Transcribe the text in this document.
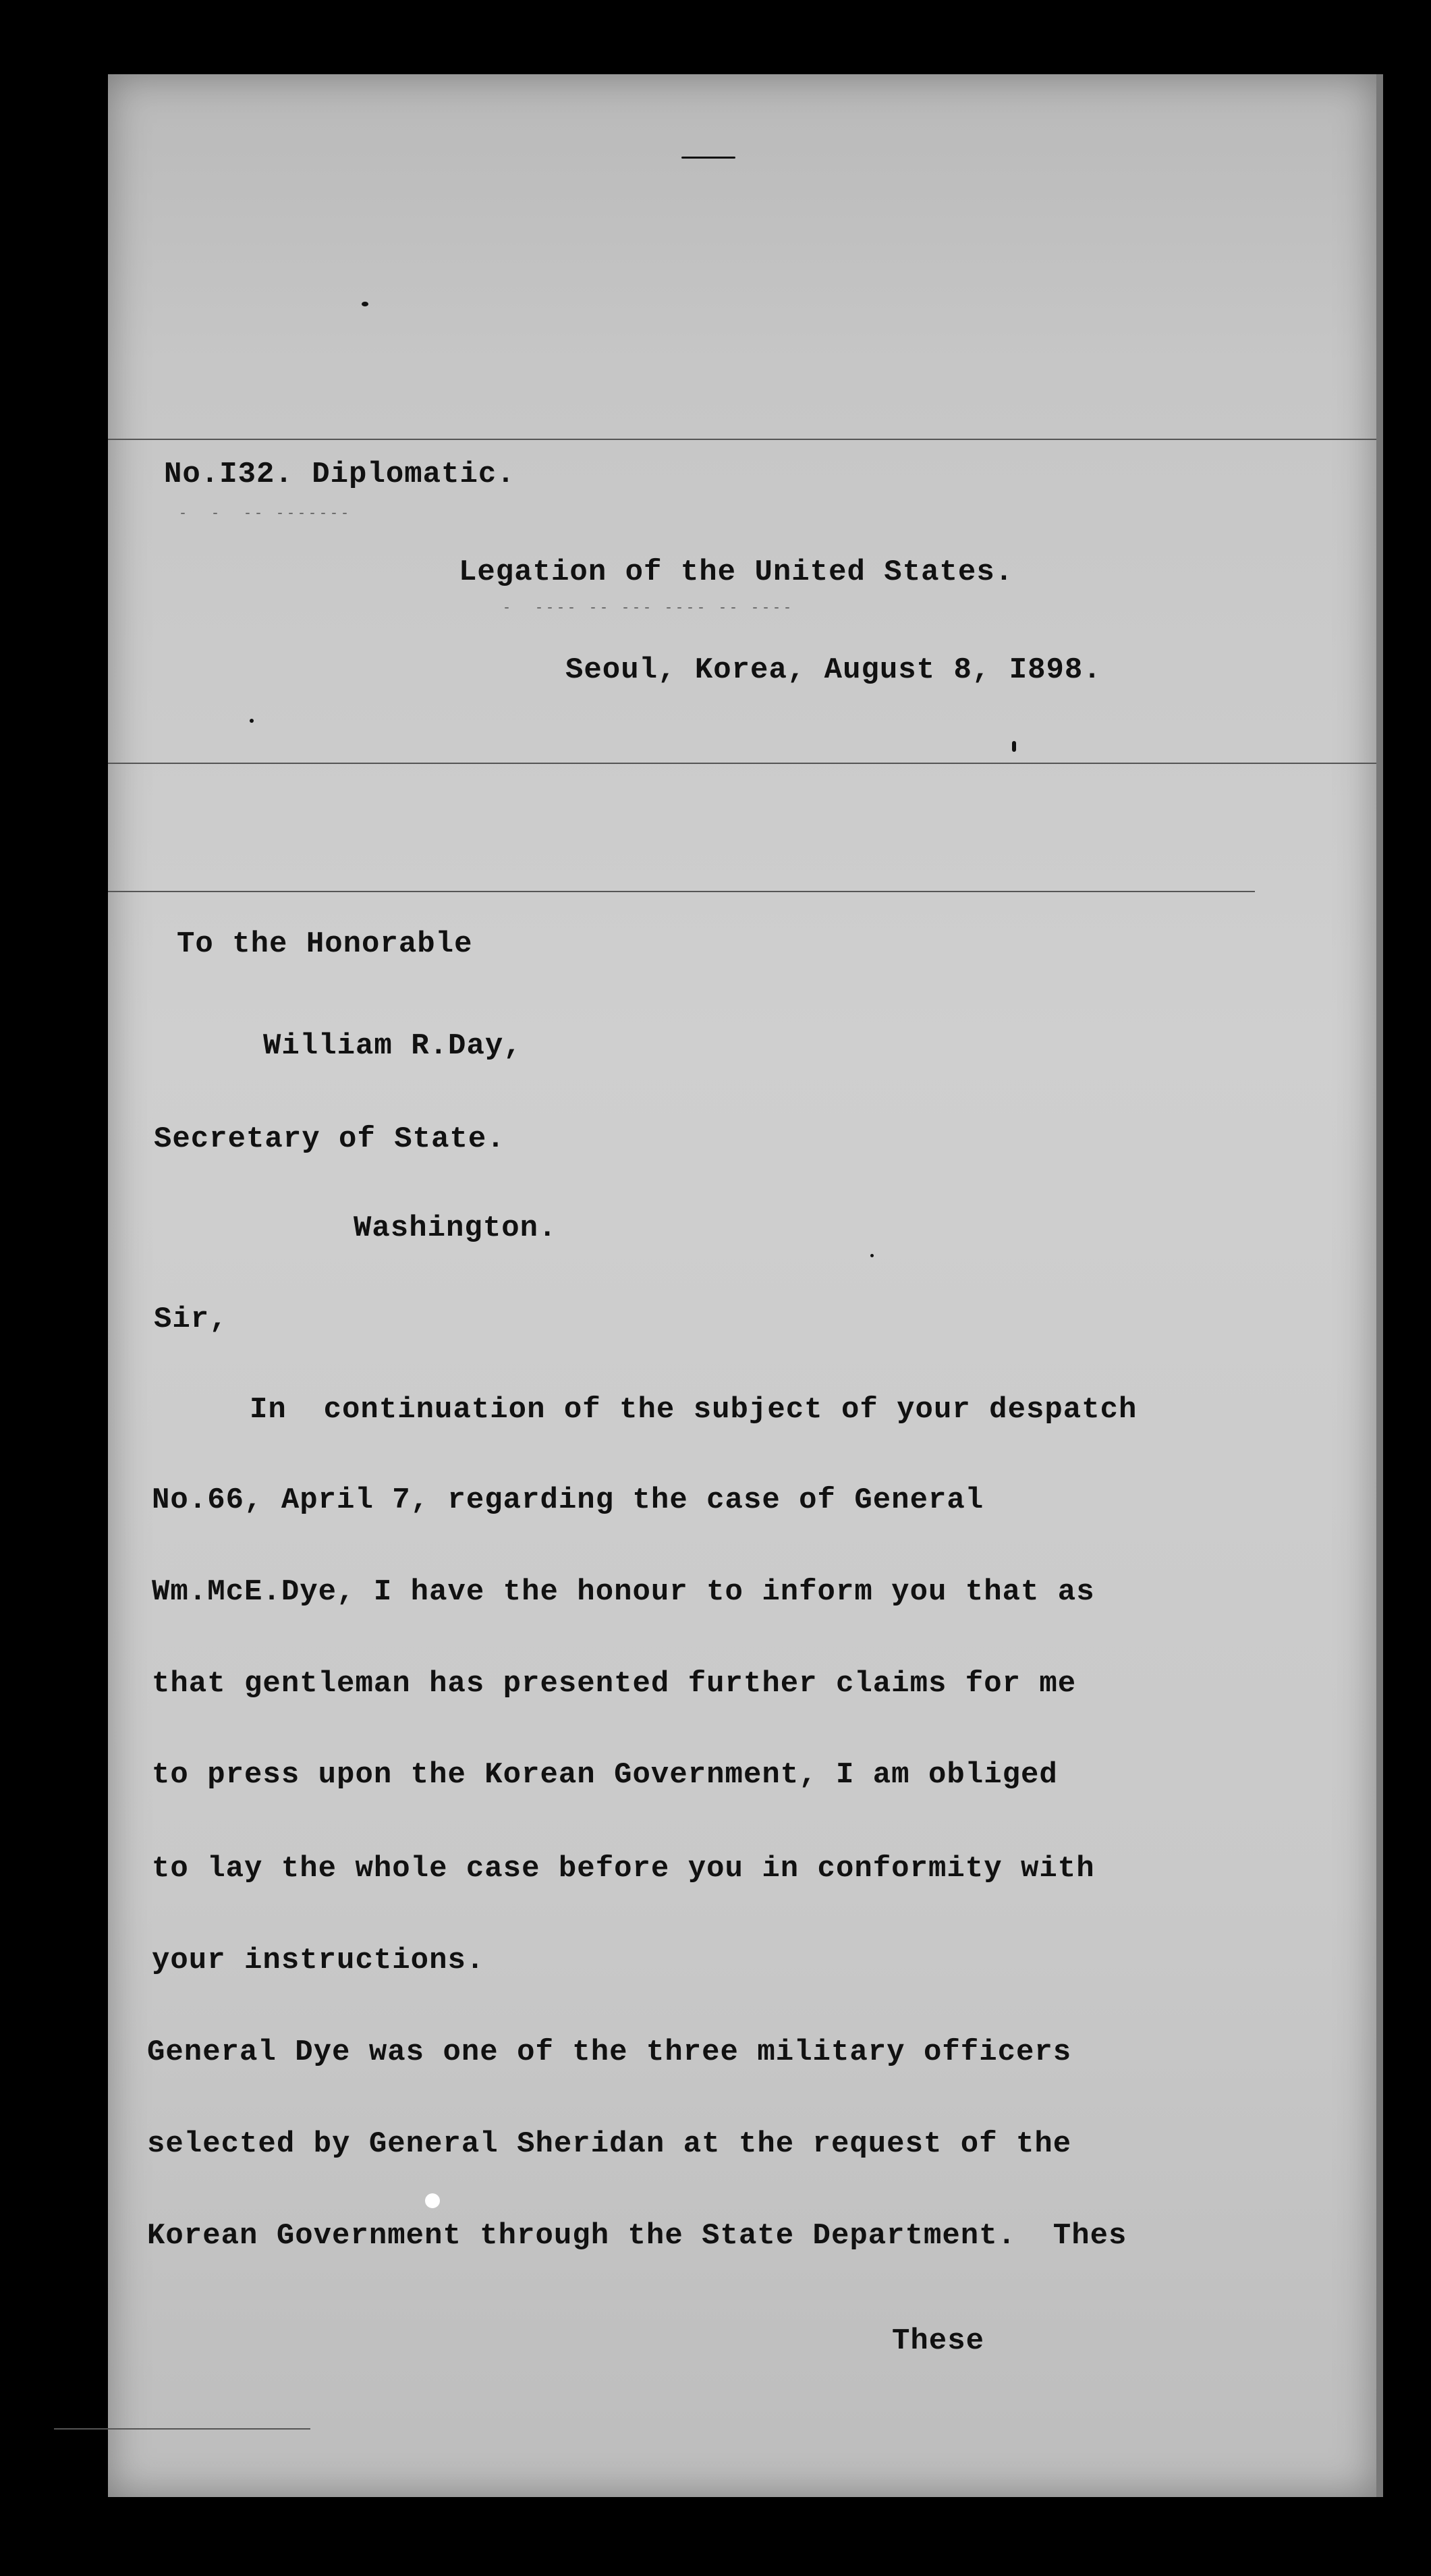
No.I32. Diplomatic.
-  -  -- -------
Legation of the United States.
-  ---- -- --- ---- -- ----
Seoul, Korea, August 8, I898.
To the Honorable
William R.Day,
Secretary of State.
Washington.
Sir,
In  continuation of the subject of your despatch
No.66, April 7, regarding the case of General
Wm.McE.Dye, I have the honour to inform you that as
that gentleman has presented further claims for me
to press upon the Korean Government, I am obliged
to lay the whole case before you in conformity with
your instructions.
General Dye was one of the three military officers
selected by General Sheridan at the request of the
Korean Government through the State Department.  Thes
These
